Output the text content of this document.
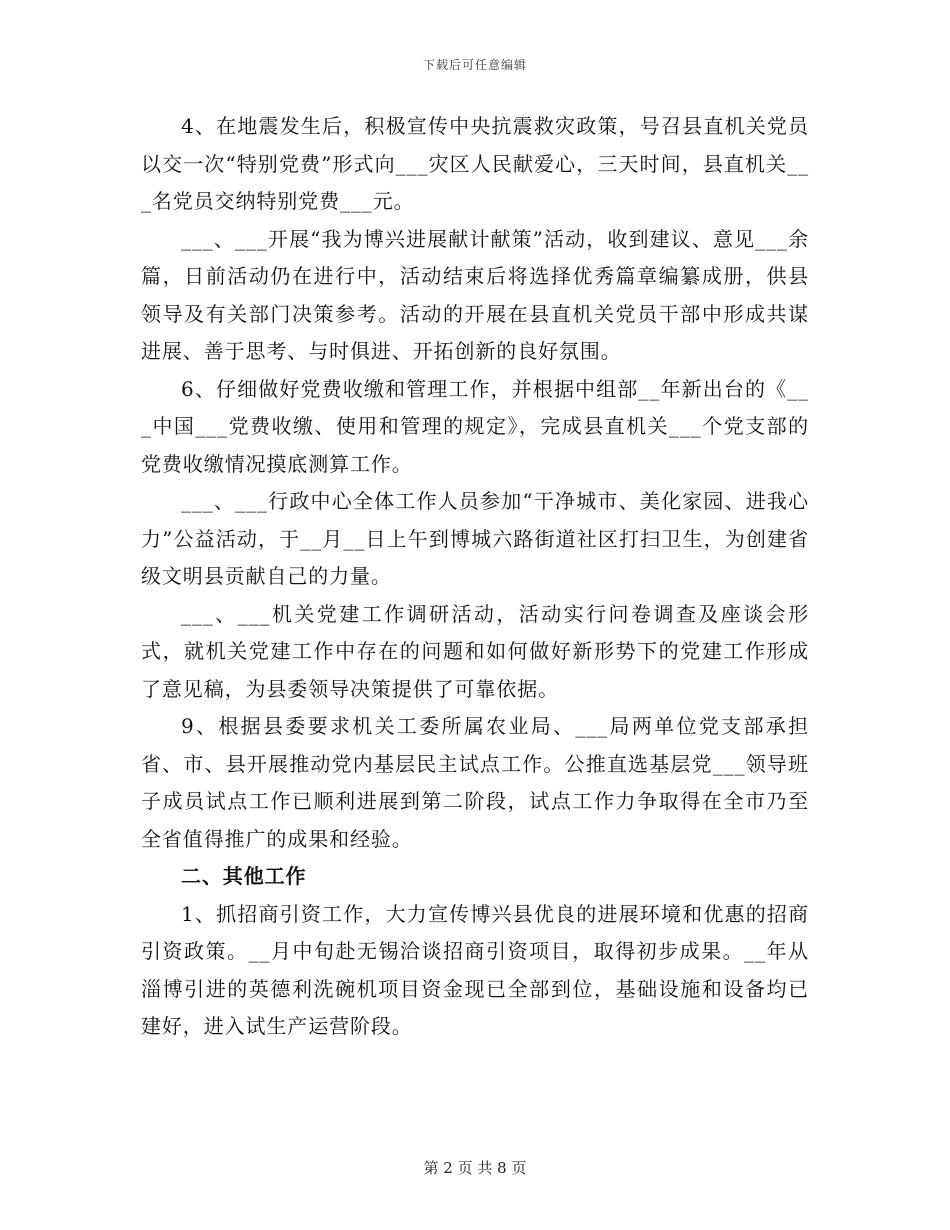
下载后可任意编辑

4、在地震发生后，积极宣传中央抗震救灾政策，号召县直机关党员以交一次“特别党费”形式向___灾区人民献爱心，三天时间，县直机关___名党员交纳特别党费___元。

___、___开展“我为博兴进展献计献策”活动，收到建议、意见___余篇，日前活动仍在进行中，活动结束后将选择优秀篇章编纂成册，供县领导及有关部门决策参考。活动的开展在县直机关党员干部中形成共谋进展、善于思考、与时俱进、开拓创新的良好氛围。

6、仔细做好党费收缴和管理工作，并根据中组部__年新出台的《___中国___党费收缴、使用和管理的规定》，完成县直机关___个党支部的党费收缴情况摸底测算工作。

___、___行政中心全体工作人员参加“干净城市、美化家园、进我心力”公益活动，于__月__日上午到博城六路街道社区打扫卫生，为创建省级文明县贡献自己的力量。

___、___机关党建工作调研活动，活动实行问卷调查及座谈会形式，就机关党建工作中存在的问题和如何做好新形势下的党建工作形成了意见稿，为县委领导决策提供了可靠依据。

9、根据县委要求机关工委所属农业局、___局两单位党支部承担省、市、县开展推动党内基层民主试点工作。公推直选基层党___领导班子成员试点工作已顺利进展到第二阶段，试点工作力争取得在全市乃至全省值得推广的成果和经验。

二、其他工作

1、抓招商引资工作，大力宣传博兴县优良的进展环境和优惠的招商引资政策。__月中旬赴无锡洽谈招商引资项目，取得初步成果。__年从淄博引进的英德利洗碗机项目资金现已全部到位，基础设施和设备均已建好，进入试生产运营阶段。

第 2 页 共 8 页
